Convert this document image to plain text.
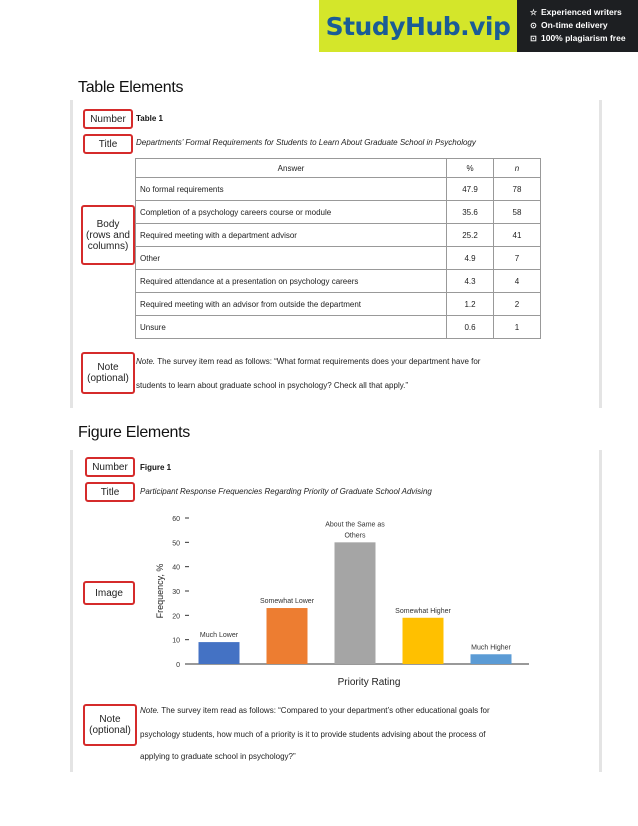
StudyHub.vip ☆ Experienced writers
⊙ On-time delivery
⊡ 100% plagiarism free
Table Elements
Number
Title
Body
(rows and
columns)
Note
(optional)
Table 1
Departments’ Formal Requirements for Students to Learn About Graduate School in Psychology
Answer	%	n
No formal requirements	47.9	78
Completion of a psychology careers course or module	35.6	58
Required meeting with a department advisor	25.2	41
Other	4.9	7
Required attendance at a presentation on psychology careers	4.3	4
Required meeting with an advisor from outside the department	1.2	2
Unsure	0.6	1
Note. The survey item read as follows: “What format requirements does your department have for
students to learn about graduate school in psychology? Check all that apply.”
Figure Elements
Number
Title
Image
Note
(optional)
Figure 1
Participant Response Frequencies Regarding Priority of Graduate School Advising
0
10
20
30
40
50
60
Frequency, %
Priority Rating
Much Lower
Somewhat Lower
About the Same as
Others
Somewhat Higher
Much Higher
Note. The survey item read as follows: “Compared to your department’s other educational goals for
psychology students, how much of a priority is it to provide students advising about the process of
applying to graduate school in psychology?”
